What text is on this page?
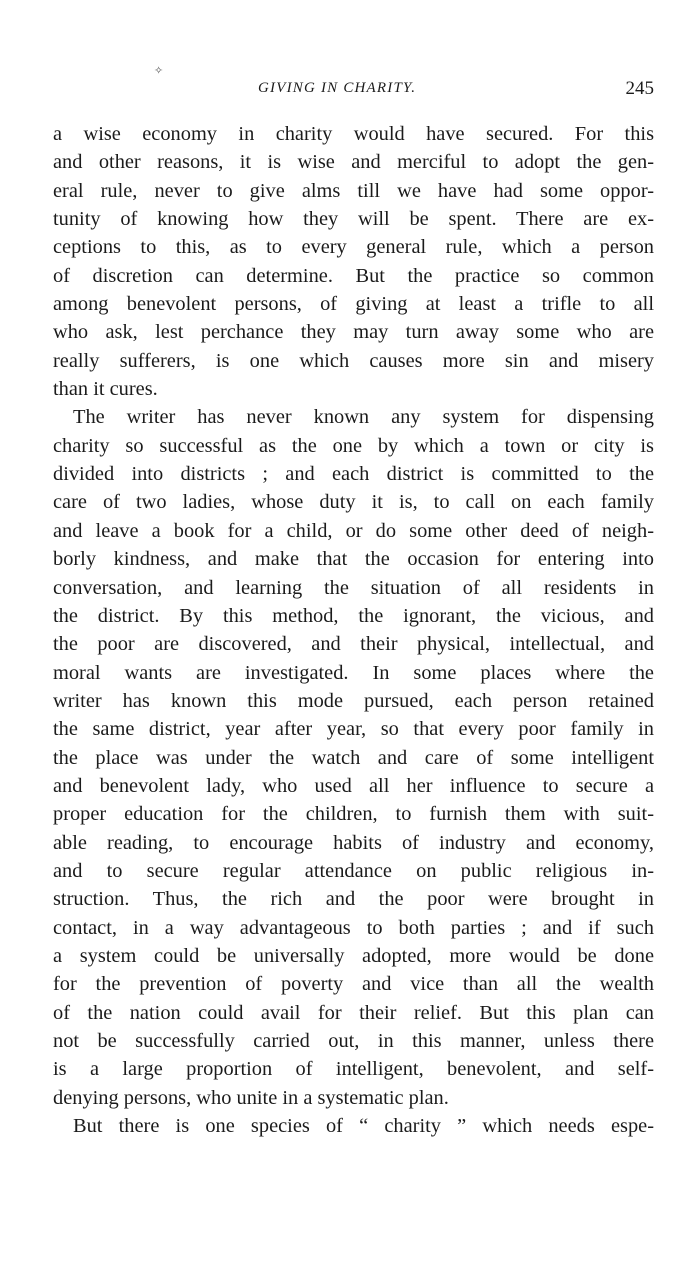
✧
GIVING IN CHARITY.	245
a wise economy in charity would have secured. For this
and other reasons, it is wise and merciful to adopt the gen-
eral rule, never to give alms till we have had some oppor-
tunity of knowing how they will be spent. There are ex-
ceptions to this, as to every general rule, which a person
of discretion can determine. But the practice so common
among benevolent persons, of giving at least a trifle to all
who ask, lest perchance they may turn away some who are
really sufferers, is one which causes more sin and misery
than it cures.
The writer has never known any system for dispensing
charity so successful as the one by which a town or city is
divided into districts ; and each district is committed to the
care of two ladies, whose duty it is, to call on each family
and leave a book for a child, or do some other deed of neigh-
borly kindness, and make that the occasion for entering into
conversation, and learning the situation of all residents in
the district. By this method, the ignorant, the vicious, and
the poor are discovered, and their physical, intellectual, and
moral wants are investigated. In some places where the
writer has known this mode pursued, each person retained
the same district, year after year, so that every poor family in
the place was under the watch and care of some intelligent
and benevolent lady, who used all her influence to secure a
proper education for the children, to furnish them with suit-
able reading, to encourage habits of industry and economy,
and to secure regular attendance on public religious in-
struction. Thus, the rich and the poor were brought in
contact, in a way advantageous to both parties ; and if such
a system could be universally adopted, more would be done
for the prevention of poverty and vice than all the wealth
of the nation could avail for their relief. But this plan can
not be successfully carried out, in this manner, unless there
is a large proportion of intelligent, benevolent, and self-
denying persons, who unite in a systematic plan.
But there is one species of “ charity ” which needs espe-
